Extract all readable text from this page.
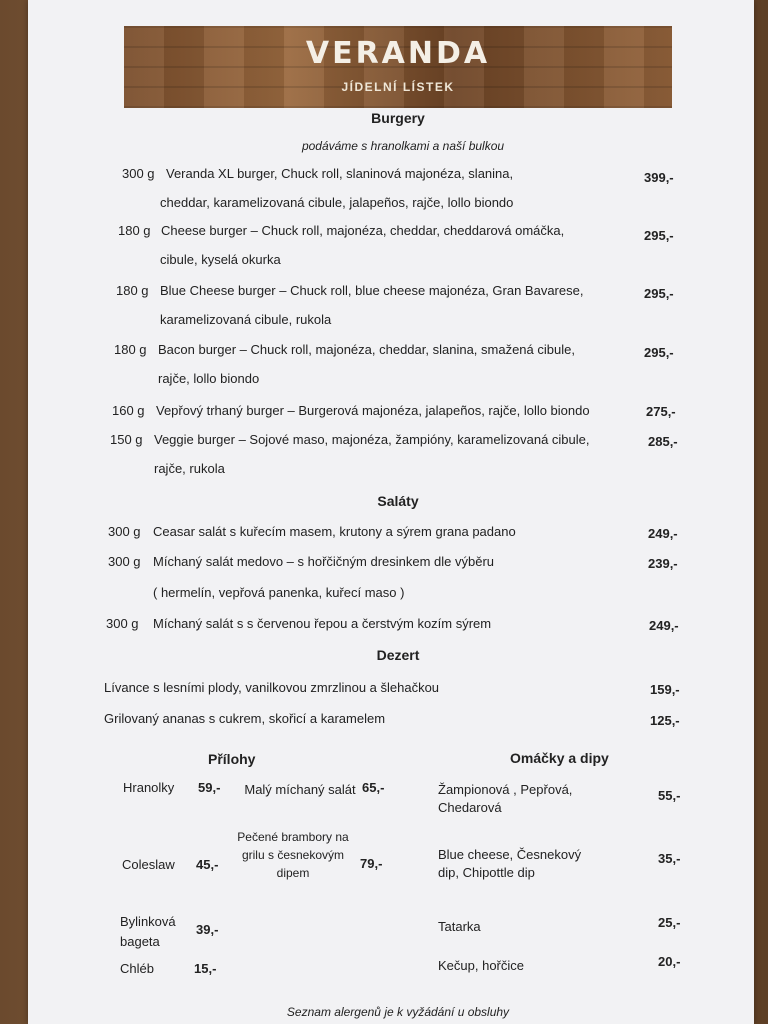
VERANDA
JÍDELNÍ LÍSTEK
Burgery
podáváme s hranolkami a naší bulkou
300 g Veranda XL burger, Chuck roll, slaninová majonéza, slanina,
cheddar, karamelizovaná cibule, jalapeños, rajče, lollo biondo
399,-
180 g Cheese burger – Chuck roll, majonéza, cheddar, cheddarová omáčka,
cibule, kyselá okurka
295,-
180 g Blue Cheese burger – Chuck roll, blue cheese majonéza, Gran Bavarese,
karamelizovaná cibule, rukola
295,-
180 g Bacon burger – Chuck roll, majonéza, cheddar, slanina, smažená cibule,
rajče, lollo biondo
295,-
160 g Vepřový trhaný burger – Burgerová majonéza, jalapeños, rajče, lollo biondo	275,-
150 g Veggie burger – Sojové maso, majonéza, žampióny, karamelizovaná cibule,
rajče, rukola
285,-
Saláty
300 g Ceasar salát s kuřecím masem, krutony a sýrem grana padano	249,-
300 g Míchaný salát medovo – s hořčičným dresinkem dle výběru
( hermelín, vepřová panenka, kuřecí maso )
239,-
300 g Míchaný salát s s červenou řepou a čerstvým kozím sýrem	249,-
Dezert
Lívance s lesními plody, vanilkovou zmrzlinou a šlehačkou	159,-
Grilovaný ananas s cukrem, skořicí a karamelem	125,-
Přílohy
Hranolky 59,-
Coleslaw 45,-
Bylinková bageta
39,-
Chléb	15,-
Malý míchaný salát 65,-
Pečené brambory na grilu s česnekovým dipem
79,-
Omáčky a dipy
Žampionová , Pepřová, Chedarová
55,-
Blue cheese, Česnekový dip, Chipottle dip
35,-
Tatarka	25,-
Kečup, hořčice	20,-
Seznam alergenů je k vyžádání u obsluhy
